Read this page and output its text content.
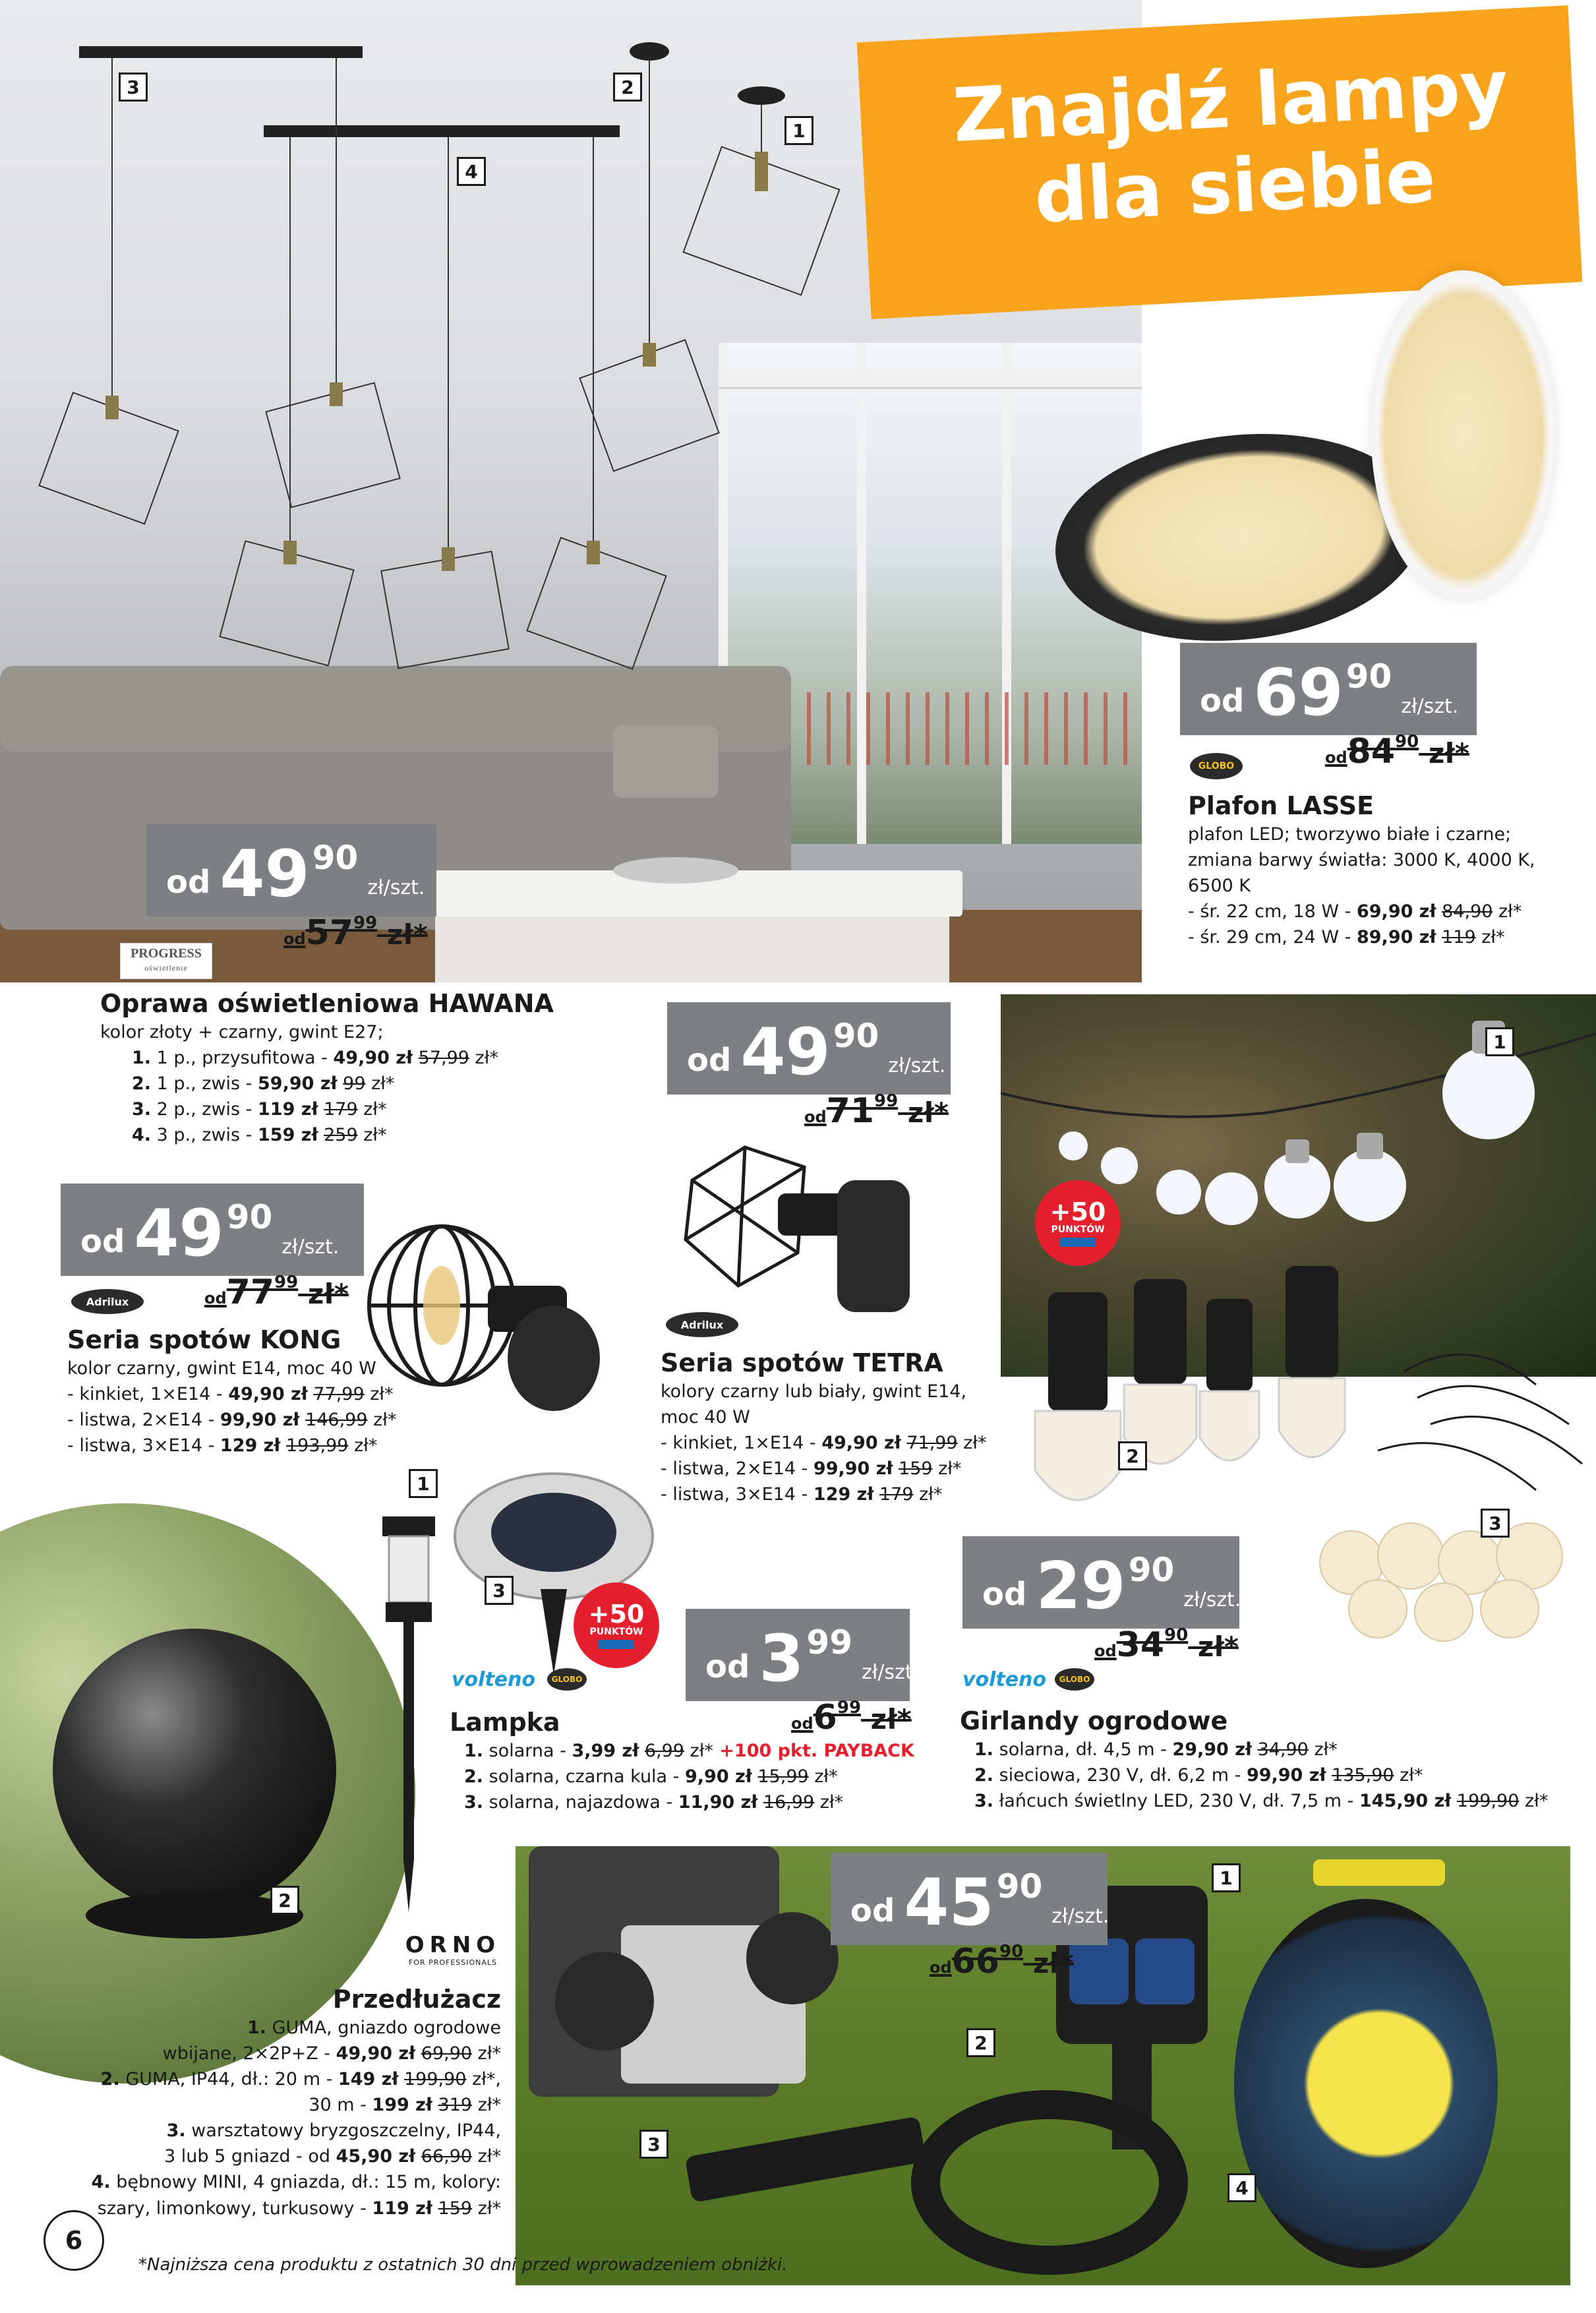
3	2
1
4
Znajdź lampy
dla siebie
od 69 90
zł/szt.
$od84^{90}$ zł*
GLOBO
Plafon LASSE
plafon LED; tworzywo białe i czarne;
zmiana barwy światła: 3000 K, 4000 K,
6500 K
- śr. 22 cm, 18 W - 69,90 zł 84,90 zł*
- śr. 29 cm, 24 W - 89,90 zł 119 zł*
od 49 90
zł/szt.
$od57^{99}$ zł*
PROGRESS
oświetlenie
Oprawa oświetleniowa HAWANA
kolor złoty + czarny, gwint E27;
1. 1 p., przysufitowa - 49,90 zł 57,99 zł*
2. 1 p., zwis - 59,90 zł 99 zł*
3. 2 p., zwis - 119 zł 179 zł*
4. 3 p., zwis - 159 zł 259 zł*
od 49 90
zł/szt.
$od77^{99}$ zł*
Adrilux
Seria spotów KONG
kolor czarny, gwint E14, moc 40 W
- kinkiet, 1×E14 - 49,90 zł 77,99 zł*
- listwa, 2×E14 - 99,90 zł 146,99 zł*
- listwa, 3×E14 - 129 zł 193,99 zł*
od 49 90
zł/szt.
$od71^{99}$ zł*
Adrilux
Seria spotów TETRA
kolory czarny lub biały, gwint E14,
moc 40 W
- kinkiet, 1×E14 - 49,90 zł 71,99 zł*
- listwa, 2×E14 - 99,90 zł 159 zł*
- listwa, 3×E14 - 129 zł 179 zł*
1
+50
PUNKTÓW
2
3
od 29 90
zł/szt.
$od34^{90}$ zł*
volteno	GLOBO
Girlandy ogrodowe
1. solarna, dł. 4,5 m - 29,90 zł 34,90 zł*
2. sieciowa, 230 V, dł. 6,2 m - 99,90 zł 135,90 zł*
3. łańcuch świetlny LED, 230 V, dł. 7,5 m - 145,90 zł 199,90 zł*
2
1
3
+50
PUNKTÓW
od 3 99
zł/szt.
$od6^{99}$ zł*
volteno	GLOBO
Lampka
1. solarna - 3,99 zł 6,99 zł* +100 pkt. PAYBACK
2. solarna, czarna kula - 9,90 zł 15,99 zł*
3. solarna, najazdowa - 11,90 zł 16,99 zł*
1
2
3
4
od 45 90
zł/szt.
$od66^{90}$ zł*
ORNO
FOR PROFESSIONALS
Przedłużacz
1. GUMA, gniazdo ogrodowe
wbijane, 2×2P+Z - 49,90 zł 69,90 zł*
2. GUMA, IP44, dł.: 20 m - 149 zł 199,90 zł*,
30 m - 199 zł 319 zł*
3. warsztatowy bryzgoszczelny, IP44,
3 lub 5 gniazd - od 45,90 zł 66,90 zł*
4. bębnowy MINI, 4 gniazda, dł.: 15 m, kolory:
szary, limonkowy, turkusowy - 119 zł 159 zł*
6
*Najniższa cena produktu z ostatnich 30 dni przed wprowadzeniem obniżki.
